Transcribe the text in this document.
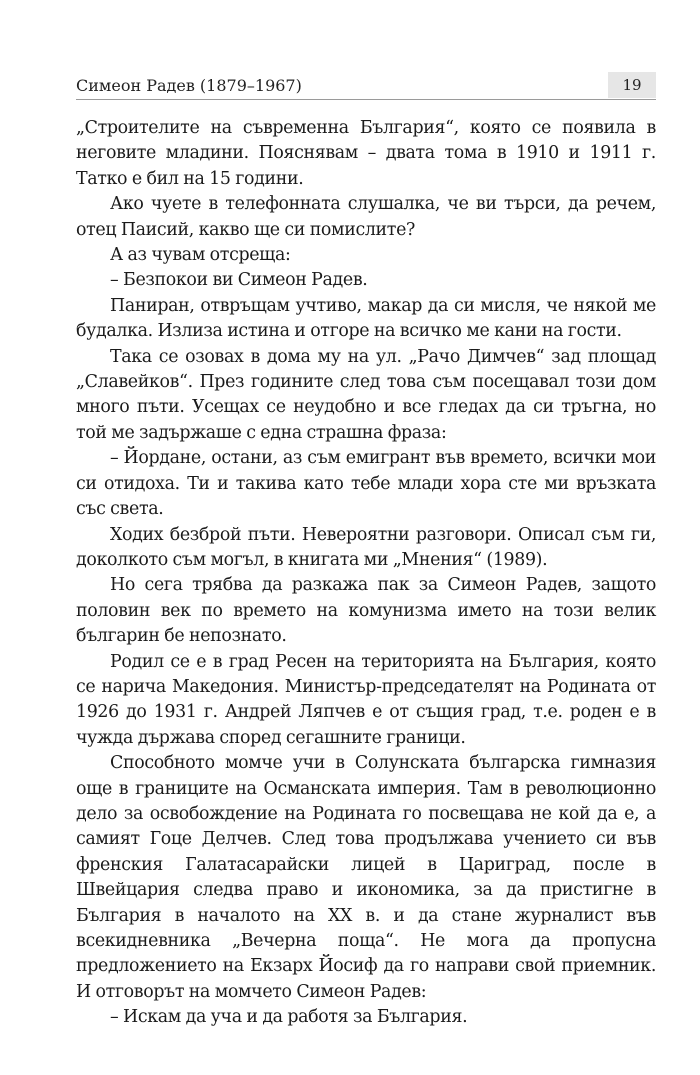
Симеон Радев (1879–1967)	19

„Строителите на съвременна България“, която се появила в неговите младини. Пояснявам – двата тома в 1910 и 1911 г. Татко е бил на 15 години.

Ако чуете в телефонната слушалка, че ви търси, да речем, отец Паисий, какво ще си помислите?

А аз чувам отсреща:

– Безпокои ви Симеон Радев.

Паниран, отвръщам учтиво, макар да си мисля, че някой ме будалка. Излиза истина и отгоре на всичко ме кани на гости.

Така се озовах в дома му на ул. „Рачо Димчев“ зад площад „Славейков“. През годините след това съм посещавал този дом много пъти. Усещах се неудобно и все гледах да си тръгна, но той ме задържаше с една страшна фраза:

– Йордане, остани, аз съм емигрант във времето, всички мои си отидоха. Ти и такива като тебе млади хора сте ми връзката със света.

Ходих безброй пъти. Невероятни разговори. Описал съм ги, доколкото съм могъл, в книгата ми „Мнения“ (1989).

Но сега трябва да разкажа пак за Симеон Радев, защото половин век по времето на комунизма името на този велик българин бе непознато.

Родил се е в град Ресен на територията на България, която се нарича Македония. Министър-председателят на Родината от 1926 до 1931 г. Андрей Ляпчев е от същия град, т.е. роден е в чужда държава според сегашните граници.

Способното момче учи в Солунската българска гимназия още в границите на Османската империя. Там в революционно дело за освобождение на Родината го посвещава не кой да е, а самият Гоце Делчев. След това продължава учението си във френския Галатасарайски лицей в Цариград, после в Швейцария следва право и икономика, за да пристигне в България в началото на ХХ в. и да стане журналист във всекидневника „Вечерна поща“. Не мога да пропусна предложението на Екзарх Йосиф да го направи свой приемник. И отговорът на момчето Симеон Радев:

– Искам да уча и да работя за България.
